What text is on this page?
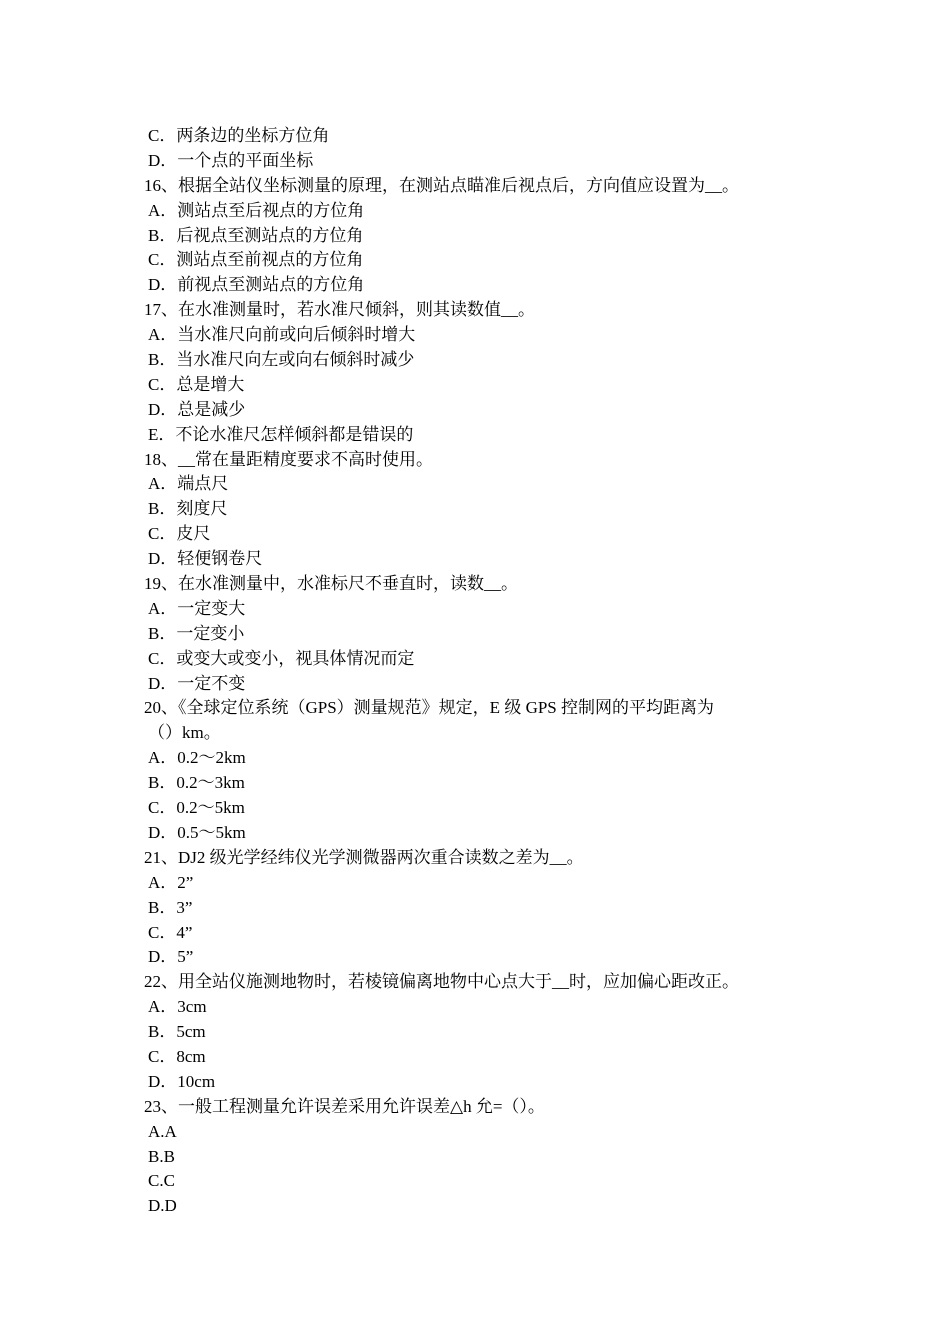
C．两条边的坐标方位角
D．一个点的平面坐标
16、根据全站仪坐标测量的原理，在测站点瞄准后视点后，方向值应设置为__。
A．测站点至后视点的方位角
B．后视点至测站点的方位角
C．测站点至前视点的方位角
D．前视点至测站点的方位角
17、在水准测量时，若水准尺倾斜，则其读数值__。
A．当水准尺向前或向后倾斜时增大
B．当水准尺向左或向右倾斜时减少
C．总是增大
D．总是减少
E．不论水准尺怎样倾斜都是错误的
18、__常在量距精度要求不高时使用。
A．端点尺
B．刻度尺
C．皮尺
D．轻便钢卷尺
19、在水准测量中，水准标尺不垂直时，读数__。
A．一定变大
B．一定变小
C．或变大或变小，视具体情况而定
D．一定不变
20、《全球定位系统（GPS）测量规范》规定，E 级 GPS 控制网的平均距离为
（）km。
A．0.2～2km
B．0.2～3km
C．0.2～5km
D．0.5～5km
21、DJ2 级光学经纬仪光学测微器两次重合读数之差为__。
A．2”
B．3”
C．4”
D．5”
22、用全站仪施测地物时，若棱镜偏离地物中心点大于__时，应加偏心距改正。
A．3cm
B．5cm
C．8cm
D．10cm
23、一般工程测量允许误差采用允许误差△h 允=（）。
A.A
B.B
C.C
D.D
